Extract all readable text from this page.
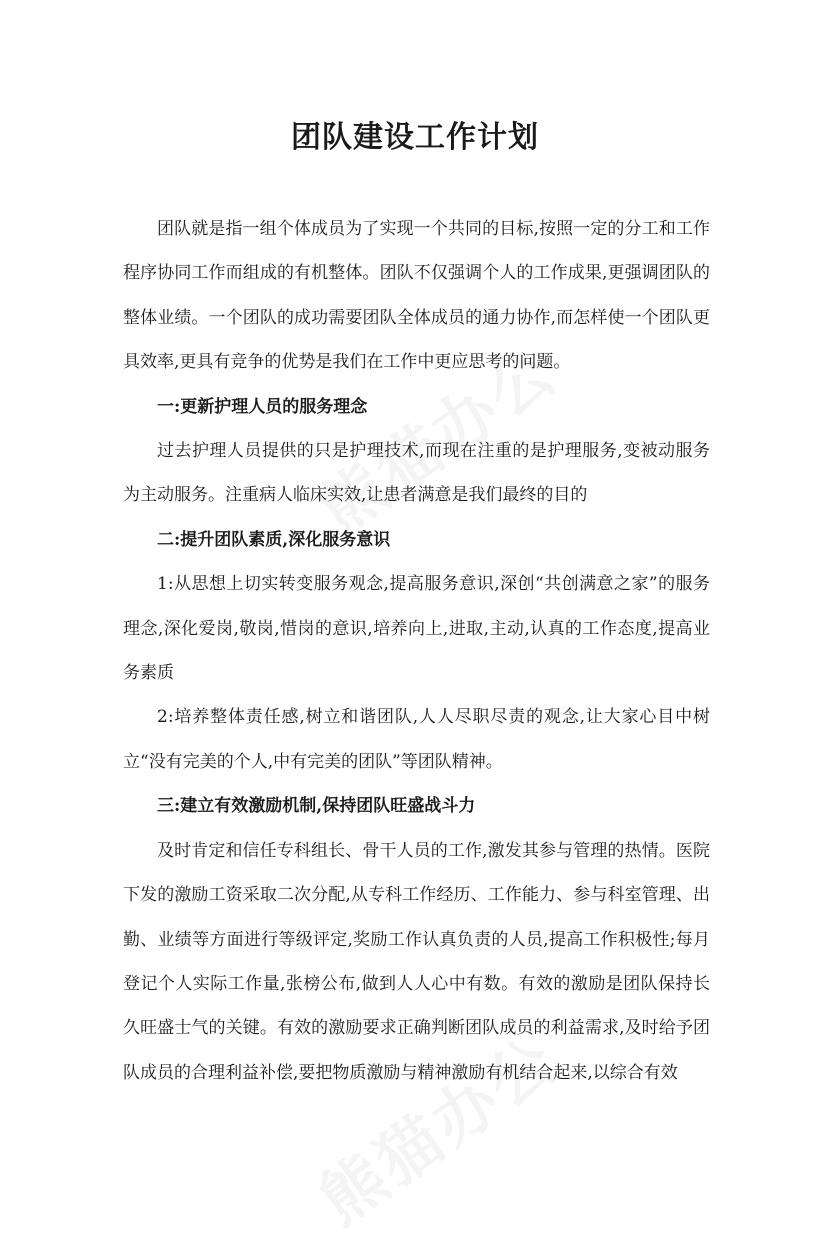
团队建设工作计划

团队就是指一组个体成员为了实现一个共同的目标,按照一定的分工和工作程序协同工作而组成的有机整体。团队不仅强调个人的工作成果,更强调团队的整体业绩。一个团队的成功需要团队全体成员的通力协作,而怎样使一个团队更具效率,更具有竞争的优势是我们在工作中更应思考的问题。

一:更新护理人员的服务理念

过去护理人员提供的只是护理技术,而现在注重的是护理服务,变被动服务为主动服务。注重病人临床实效,让患者满意是我们最终的目的

二:提升团队素质,深化服务意识

1:从思想上切实转变服务观念,提高服务意识,深创“共创满意之家”的服务理念,深化爱岗,敬岗,惜岗的意识,培养向上,进取,主动,认真的工作态度,提高业务素质

2:培养整体责任感,树立和谐团队,人人尽职尽责的观念,让大家心目中树立“没有完美的个人,中有完美的团队”等团队精神。

三:建立有效激励机制,保持团队旺盛战斗力

及时肯定和信任专科组长、骨干人员的工作,激发其参与管理的热情。医院下发的激励工资采取二次分配,从专科工作经历、工作能力、参与科室管理、出勤、业绩等方面进行等级评定,奖励工作认真负责的人员,提高工作积极性;每月登记个人实际工作量,张榜公布,做到人人心中有数。有效的激励是团队保持长久旺盛士气的关键。有效的激励要求正确判断团队成员的利益需求,及时给予团队成员的合理利益补偿,要把物质激励与精神激励有机结合起来,以综合有效
